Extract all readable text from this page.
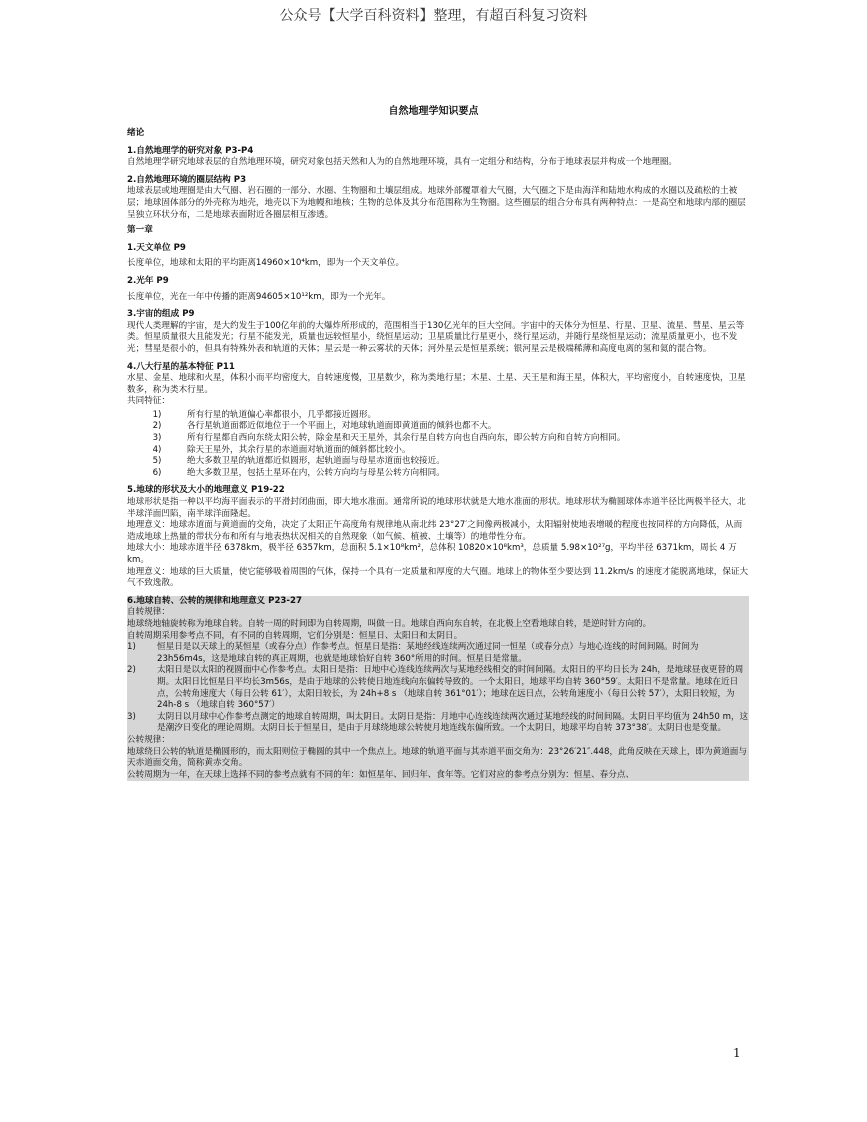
公众号【大学百科资料】整理，有超百科复习资料
自然地理学知识要点
绪论
1.自然地理学的研究对象 P3-P4
自然地理学研究地球表层的自然地理环境，研究对象包括天然和人为的自然地理环境，具有一定组分和结构，分布于地球表层并构成一个地理圈。
2.自然地理环境的圈层结构 P3
地球表层或地理圈是由大气圈、岩石圈的一部分、水圈、生物圈和土壤层组成。地球外部覆罩着大气圈，大气圈之下是由海洋和陆地水构成的水圈以及疏松的土被层；地球固体部分的外壳称为地壳，地壳以下为地幔和地核；生物的总体及其分布范围称为生物圈。这些圈层的组合分布具有两种特点：一是高空和地球内部的圈层呈独立环状分布，二是地球表面附近各圈层相互渗透。
第一章
1.天文单位 P9
长度单位，地球和太阳的平均距离14960×10⁴km，即为一个天文单位。
2.光年 P9
长度单位，光在一年中传播的距离94605×10¹²km，即为一个光年。
3.宇宙的组成 P9
现代人类理解的宇宙，是大约发生于100亿年前的大爆炸所形成的，范围相当于130亿光年的巨大空间。宇宙中的天体分为恒星、行星、卫星、流星、彗星、星云等类。恒星质量很大且能发光；行星不能发光，质量也远较恒星小，绕恒星运动；卫星质量比行星更小，绕行星运动，并随行星绕恒星运动；流星质量更小，也不发光；彗星是很小的，但具有特殊外表和轨道的天体；星云是一种云雾状的天体；河外星云是恒星系统；银河星云是极端稀薄和高度电离的氢和氦的混合物。
4.八大行星的基本特征 P11
水星、金星、地球和火星，体积小而平均密度大，自转速度慢，卫星数少，称为类地行星；木星、土星、天王星和海王星，体积大，平均密度小，自转速度快，卫星数多，称为类木行星。
共同特征：
1)	所有行星的轨道偏心率都很小，几乎都接近圆形。
2)	各行星轨道面都近似地位于一个平面上，对地球轨道面即黄道面的倾斜也都不大。
3)	所有行星都自西向东绕太阳公转，除金星和天王星外，其余行星自转方向也自西向东，即公转方向和自转方向相同。
4)	除天王星外，其余行星的赤道面对轨道面的倾斜都比较小。
5)	绝大多数卫星的轨道都近似圆形，起轨道面与母星赤道面也较接近。
6)	绝大多数卫星，包括土星环在内，公转方向均与母星公转方向相同。
5.地球的形状及大小的地理意义 P19-22
地球形状是指一种以平均海平面表示的平滑封闭曲面，即大地水准面。通常所说的地球形状就是大地水准面的形状。地球形状为椭圆球体赤道半径比两极半径大，北半球洋面凹陷，南半球洋面隆起。
地理意义：地球赤道面与黄道面的交角，决定了太阳正午高度角有规律地从南北纬 23°27′之间像两极减小，太阳辐射使地表增暖的程度也按同样的方向降低，从而造成地球上热量的带状分布和所有与地表热状况相关的自然现象（如气候、植被、土壤等）的地带性分布。
地球大小：地球赤道半径 6378km，极半径 6357km，总面积 5.1×10⁸km²，总体积 10820×10⁸km³，总质量 5.98×10²⁷g，平均半径 6371km，周长 4 万 km。
地理意义：地球的巨大质量，使它能够吸着周围的气体，保持一个具有一定质量和厚度的大气圈。地球上的物体至少要达到 11.2km/s 的速度才能脱离地球，保证大气不致逸散。
6.地球自转、公转的规律和地理意义 P23-27
自转规律：
地球绕地轴旋转称为地球自转。自转一周的时间即为自转周期，叫做一日。地球自西向东自转，在北极上空看地球自转，是逆时针方向的。
自转周期采用参考点不同，有不同的自转周期，它们分别是：恒星日、太阳日和太阴日。
1)	恒星日是以天球上的某恒星（或春分点）作参考点。恒星日是指：某地经线连续两次通过同一恒星（或春分点）与地心连线的时间间隔。时间为 23h56m4s，这是地球自转的真正周期，也就是地球恰好自转 360°所用的时间。恒星日是常量。
2)	太阳日是以太阳的视圆面中心作参考点。太阳日是指：日地中心连线连续两次与某地经线相交的时间间隔。太阳日的平均日长为 24h，是地球昼夜更替的周期。太阳日比恒星日平均长3m56s，是由于地球的公转使日地连线向东偏转导致的。一个太阳日，地球平均自转 360°59′。太阳日不是常量。地球在近日点，公转角速度大（每日公转 61′），太阳日较长，为 24h+8 s （地球自转 361°01′）；地球在远日点，公转角速度小（每日公转 57′），太阳日较短，为 24h-8 s （地球自转 360°57′）
3)	太阴日以月球中心作参考点测定的地球自转周期，叫太阴日。太阴日是指：月地中心连线连续两次通过某地经线的时间间隔。太阴日平均值为 24h50 m，这是潮汐日变化的理论周期。太阴日长于恒星日，是由于月球绕地球公转使月地连线东偏所致。一个太阴日，地球平均自转 373°38′。太阴日也是变量。
公转规律：
地球绕日公转的轨道是椭圆形的，而太阳则位于椭圆的其中一个焦点上。地球的轨道平面与其赤道平面交角为：23°26′21″.448，此角反映在天球上，即为黄道面与天赤道面交角，简称黄赤交角。
公转周期为一年，在天球上选择不同的参考点就有不同的年：如恒星年、回归年、食年等。它们对应的参考点分别为：恒星、春分点、
1
